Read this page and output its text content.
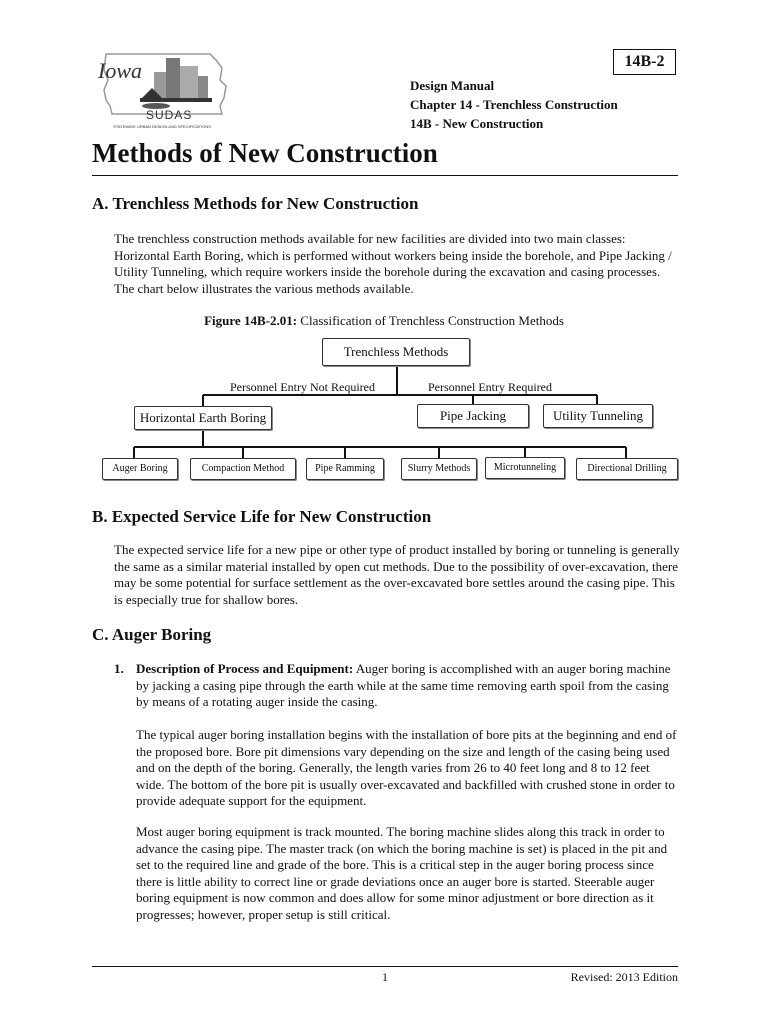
Iowa
SUDAS
STATEWIDE URBAN DESIGN AND SPECIFICATIONS
14B-2
Design Manual
Chapter 14 - Trenchless Construction
14B - New Construction
Methods of New Construction
A. Trenchless Methods for New Construction

The trenchless construction methods available for new facilities are divided into two main classes: Horizontal Earth Boring, which is performed without workers being inside the borehole, and Pipe Jacking / Utility Tunneling, which require workers inside the borehole during the excavation and casing processes. The chart below illustrates the various methods available.

Figure 14B-2.01: Classification of Trenchless Construction Methods
Trenchless Methods
Personnel Entry Not Required	Personnel Entry Required
Horizontal Earth Boring	Pipe Jacking	Utility Tunneling
Auger Boring	Compaction Method	Pipe Ramming	Slurry Methods	Microtunneling	Directional Drilling
B. Expected Service Life for New Construction

The expected service life for a new pipe or other type of product installed by boring or tunneling is generally the same as a similar material installed by open cut methods. Due to the possibility of over-excavation, there may be some potential for surface settlement as the over-excavated bore settles around the casing pipe. This is especially true for shallow bores.

C. Auger Boring
1. Description of Process and Equipment: Auger boring is accomplished with an auger boring machine by jacking a casing pipe through the earth while at the same time removing earth spoil from the casing by means of a rotating auger inside the casing.

The typical auger boring installation begins with the installation of bore pits at the beginning and end of the proposed bore. Bore pit dimensions vary depending on the size and length of the casing being used and on the depth of the boring. Generally, the length varies from 26 to 40 feet long and 8 to 12 feet wide. The bottom of the bore pit is usually over-excavated and backfilled with crushed stone in order to provide adequate support for the equipment.

Most auger boring equipment is track mounted. The boring machine slides along this track in order to advance the casing pipe. The master track (on which the boring machine is set) is placed in the pit and set to the required line and grade of the bore. This is a critical step in the auger boring process since there is little ability to correct line or grade deviations once an auger bore is started. Steerable auger boring equipment is now common and does allow for some minor adjustment or bore direction as it progresses; however, proper setup is still critical.

1	Revised: 2013 Edition
